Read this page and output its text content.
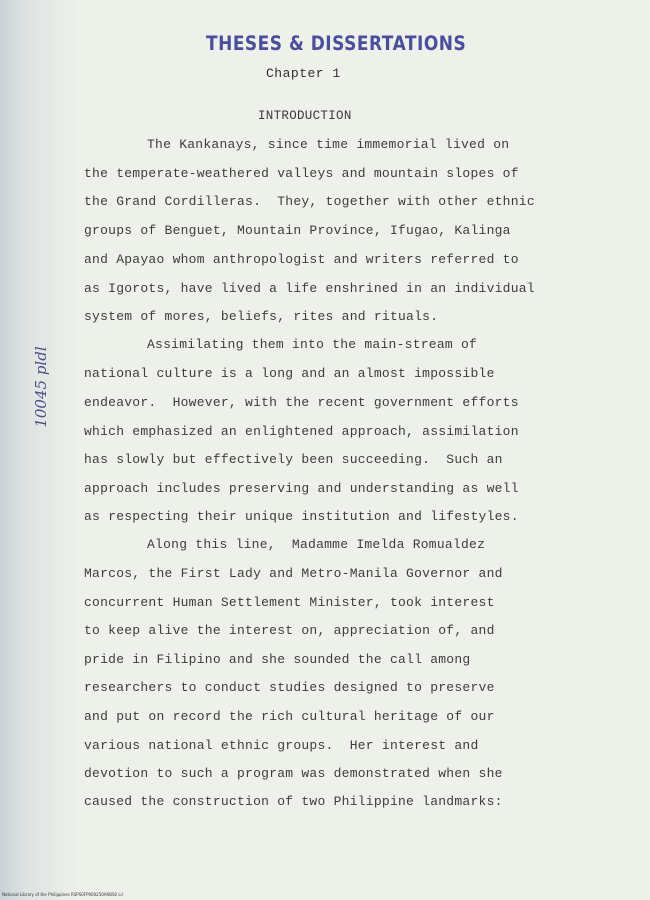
THESES & DISSERTATIONS
Chapter 1
INTRODUCTION
10045 pldl
The Kankanays, since time immemorial lived on
the temperate-weathered valleys and mountain slopes of
the Grand Cordilleras.  They, together with other ethnic
groups of Benguet, Mountain Province, Ifugao, Kalinga
and Apayao whom anthropologist and writers referred to
as Igorots, have lived a life enshrined in an individual
system of mores, beliefs, rites and rituals.
Assimilating them into the main-stream of
national culture is a long and an almost impossible
endeavor.  However, with the recent government efforts
which emphasized an enlightened approach, assimilation
has slowly but effectively been succeeding.  Such an
approach includes preserving and understanding as well
as respecting their unique institution and lifestyles.
Along this line,  Madamme Imelda Romualdez
Marcos, the First Lady and Metro-Manila Governor and
concurrent Human Settlement Minister, took interest
to keep alive the interest on, appreciation of, and
pride in Filipino and she sounded the call among
researchers to conduct studies designed to preserve
and put on record the rich cultural heritage of our
various national ethnic groups.  Her interest and
devotion to such a program was demonstrated when she
caused the construction of two Philippine landmarks:
National Library of the Philippines RSPS0FP000250ARBS0 Lil
